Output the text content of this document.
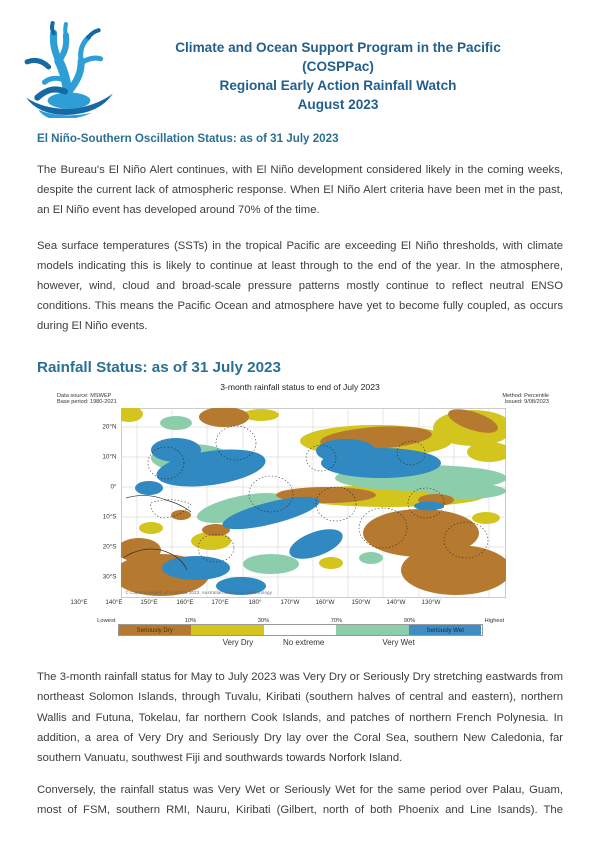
Climate and Ocean Support Program in the Pacific
(COSPPac)
Regional Early Action Rainfall Watch
August 2023
El Niño-Southern Oscillation Status: as of 31 July 2023

The Bureau's El Niño Alert continues, with El Niño development considered likely in the coming weeks, despite the current lack of atmospheric response. When El Niño Alert criteria have been met in the past, an El Niño event has developed around 70% of the time.

Sea surface temperatures (SSTs) in the tropical Pacific are exceeding El Niño thresholds, with climate models indicating this is likely to continue at least through to the end of the year. In the atmosphere, however, wind, cloud and broad-scale pressure patterns mostly continue to reflect neutral ENSO conditions. This means the Pacific Ocean and atmosphere have yet to become fully coupled, as occurs during El Niño events.

Rainfall Status: as of 31 July 2023
3-month rainfall status to end of July 2023
Data source: MSWEP
Base period: 1980-2021
Method: Percentile
Issued: 9/08/2023
20°N
10°N
0°
10°S
20°S
30°S
© Commonwealth of Australia 2023, Australian Bureau of Meteorology
130°E	140°E	150°E	160°E	170°E	180°	170°W	160°W	150°W	140°W	130°W
Lowest	10%	30%	70%	90%	Highest
Seriously Dry	Seriously Wet
Very Dry	No extreme	Very Wet

The 3-month rainfall status for May to July 2023 was Very Dry or Seriously Dry stretching eastwards from northeast Solomon Islands, through Tuvalu, Kiribati (southern halves of central and eastern), northern Wallis and Futuna, Tokelau, far northern Cook Islands, and patches of northern French Polynesia. In addition, a area of Very Dry and Seriously Dry lay over the Coral Sea, southern New Caledonia, far southern Vanuatu, southwest Fiji and southwards towards Norfork Island.

Conversely, the rainfall status was Very Wet or Seriously Wet for the same period over Palau, Guam, most of FSM, southern RMI, Nauru, Kiribati (Gilbert, north of both Phoenix and Line Isands). The
